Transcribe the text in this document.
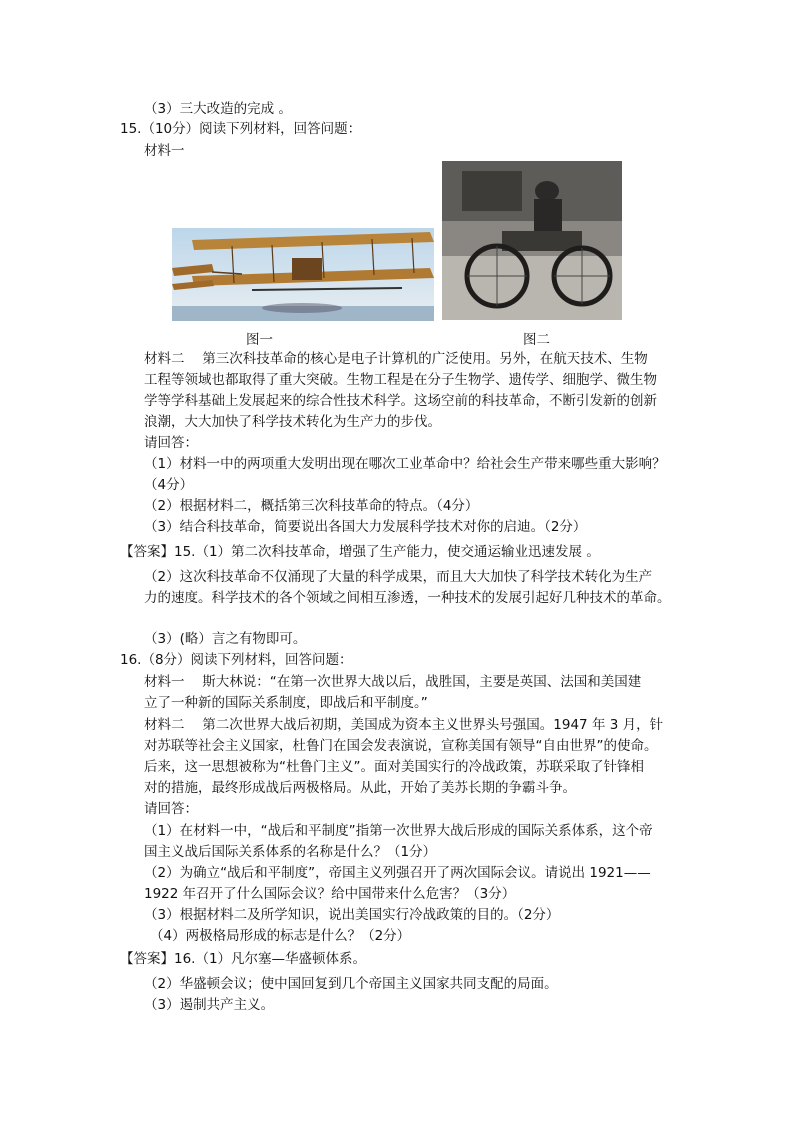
（3）三大改造的完成 。
15.（10分）阅读下列材料，回答问题：
材料一
图一	图二
材料二　 第三次科技革命的核心是电子计算机的广泛使用。另外，在航天技术、生物
工程等领域也都取得了重大突破。生物工程是在分子生物学、遗传学、细胞学、微生物
学等学科基础上发展起来的综合性技术科学。这场空前的科技革命，不断引发新的创新
浪潮，大大加快了科学技术转化为生产力的步伐。
请回答：
（1）材料一中的两项重大发明出现在哪次工业革命中？给社会生产带来哪些重大影响？
（4分）
（2）根据材料二，概括第三次科技革命的特点。（4分）
（3）结合科技革命，简要说出各国大力发展科学技术对你的启迪。（2分）
【答案】15.（1）第二次科技革命，增强了生产能力，使交通运输业迅速发展 。
（2）这次科技革命不仅涌现了大量的科学成果，而且大大加快了科学技术转化为生产
力的速度。科学技术的各个领域之间相互渗透，一种技术的发展引起好几种技术的革命。
（3）(略）言之有物即可。
16.（8分）阅读下列材料，回答问题：
材料一　 斯大林说：“在第一次世界大战以后，战胜国，主要是英国、法国和美国建
立了一种新的国际关系制度，即战后和平制度。”
材料二　 第二次世界大战后初期，美国成为资本主义世界头号强国。1947 年 3 月，针
对苏联等社会主义国家，杜鲁门在国会发表演说，宣称美国有领导“自由世界”的使命。
后来，这一思想被称为“杜鲁门主义”。面对美国实行的冷战政策，苏联采取了针锋相
对的措施，最终形成战后两极格局。从此，开始了美苏长期的争霸斗争。
请回答：
（1）在材料一中，“战后和平制度”指第一次世界大战后形成的国际关系体系，这个帝
国主义战后国际关系体系的名称是什么？（1分）
（2）为确立“战后和平制度”，帝国主义列强召开了两次国际会议。请说出 1921——
1922 年召开了什么国际会议？给中国带来什么危害？（3分）
（3）根据材料二及所学知识，说出美国实行冷战政策的目的。（2分）
（4）两极格局形成的标志是什么？（2分）
【答案】16.（1）凡尔塞—华盛顿体系。
（2）华盛顿会议；使中国回复到几个帝国主义国家共同支配的局面。
（3）遏制共产主义。
